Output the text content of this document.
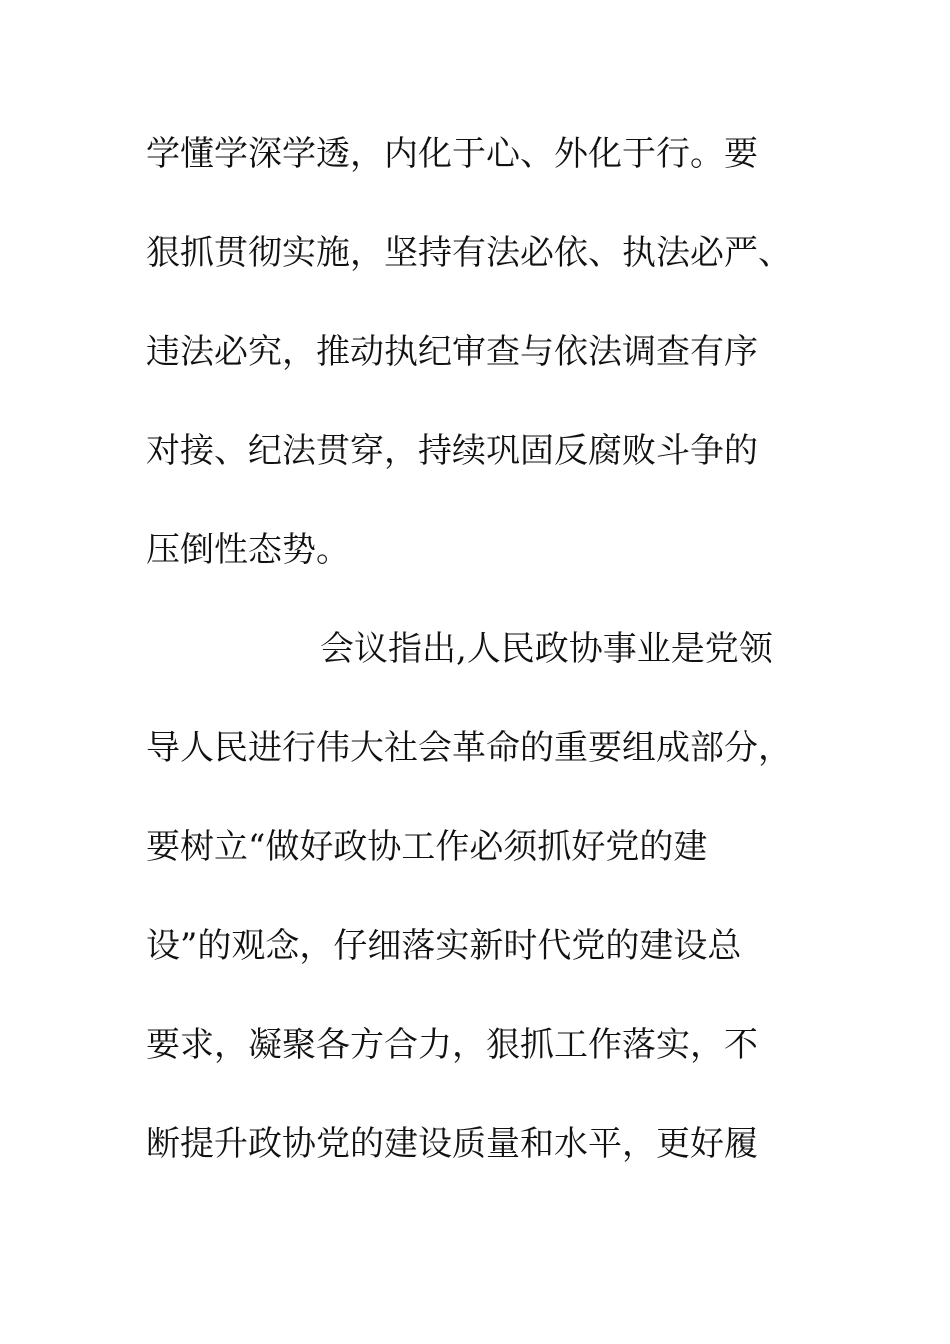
学懂学深学透，内化于心、外化于行。要
狠抓贯彻实施，坚持有法必依、执法必严、
违法必究，推动执纪审查与依法调查有序
对接、纪法贯穿，持续巩固反腐败斗争的
压倒性态势。
会议指出,人民政协事业是党领
导人民进行伟大社会革命的重要组成部分，
要树立“做好政协工作必须抓好党的建
设”的观念，仔细落实新时代党的建设总
要求，凝聚各方合力，狠抓工作落实，不
断提升政协党的建设质量和水平，更好履
